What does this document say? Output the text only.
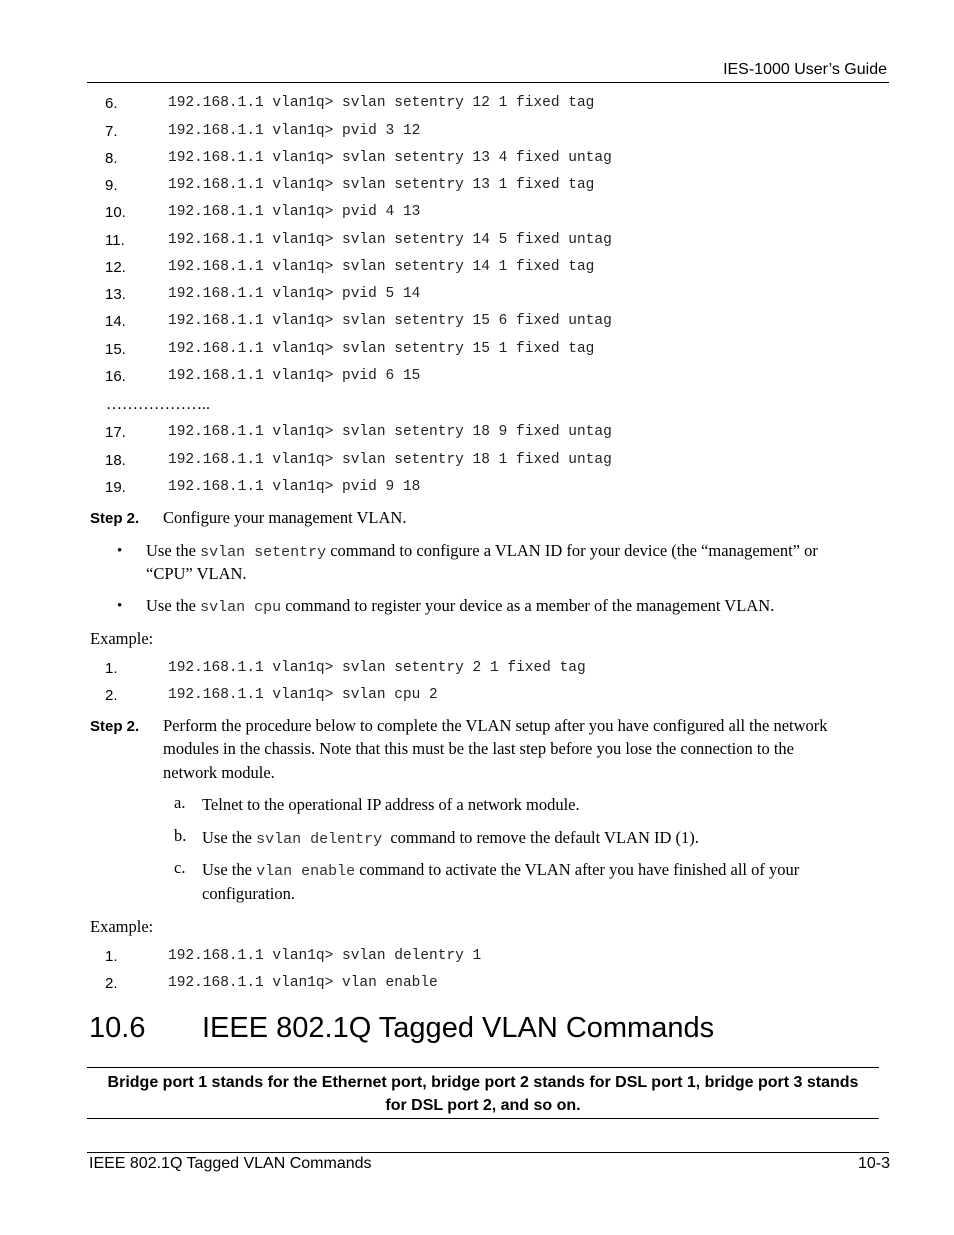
IES-1000 User’s Guide
6.	192.168.1.1 vlan1q> svlan setentry 12 1 fixed tag
7.	192.168.1.1 vlan1q> pvid 3 12
8.	192.168.1.1 vlan1q> svlan setentry 13 4 fixed untag
9.	192.168.1.1 vlan1q> svlan setentry 13 1 fixed tag
10.	192.168.1.1 vlan1q> pvid 4 13
11.	192.168.1.1 vlan1q> svlan setentry 14 5 fixed untag
12.	192.168.1.1 vlan1q> svlan setentry 14 1 fixed tag
13.	192.168.1.1 vlan1q> pvid 5 14
14.	192.168.1.1 vlan1q> svlan setentry 15 6 fixed untag
15.	192.168.1.1 vlan1q> svlan setentry 15 1 fixed tag
16.	192.168.1.1 vlan1q> pvid 6 15
………………..
17.	192.168.1.1 vlan1q> svlan setentry 18 9 fixed untag
18.	192.168.1.1 vlan1q> svlan setentry 18 1 fixed untag
19.	192.168.1.1 vlan1q> pvid 9 18
Step 2. Configure your management VLAN.
• Use the svlan setentry command to configure a VLAN ID for your device (the “management” or
“CPU” VLAN.
• Use the svlan cpu command to register your device as a member of the management VLAN.
Example:
1.	192.168.1.1 vlan1q> svlan setentry 2 1 fixed tag
2.	192.168.1.1 vlan1q> svlan cpu 2
Step 2. Perform the procedure below to complete the VLAN setup after you have configured all the network
modules in the chassis. Note that this must be the last step before you lose the connection to the
network module.
a. Telnet to the operational IP address of a network module.
b. Use the svlan delentry  command to remove the default VLAN ID (1).
c. Use the vlan enable command to activate the VLAN after you have finished all of your
configuration.
Example:
1.	192.168.1.1 vlan1q> svlan delentry 1
2.	192.168.1.1 vlan1q> vlan enable
10.6 IEEE 802.1Q Tagged VLAN Commands
Bridge port 1 stands for the Ethernet port, bridge port 2 stands for DSL port 1, bridge port 3 stands for DSL port 2, and so on.
IEEE 802.1Q Tagged VLAN Commands	10-3
